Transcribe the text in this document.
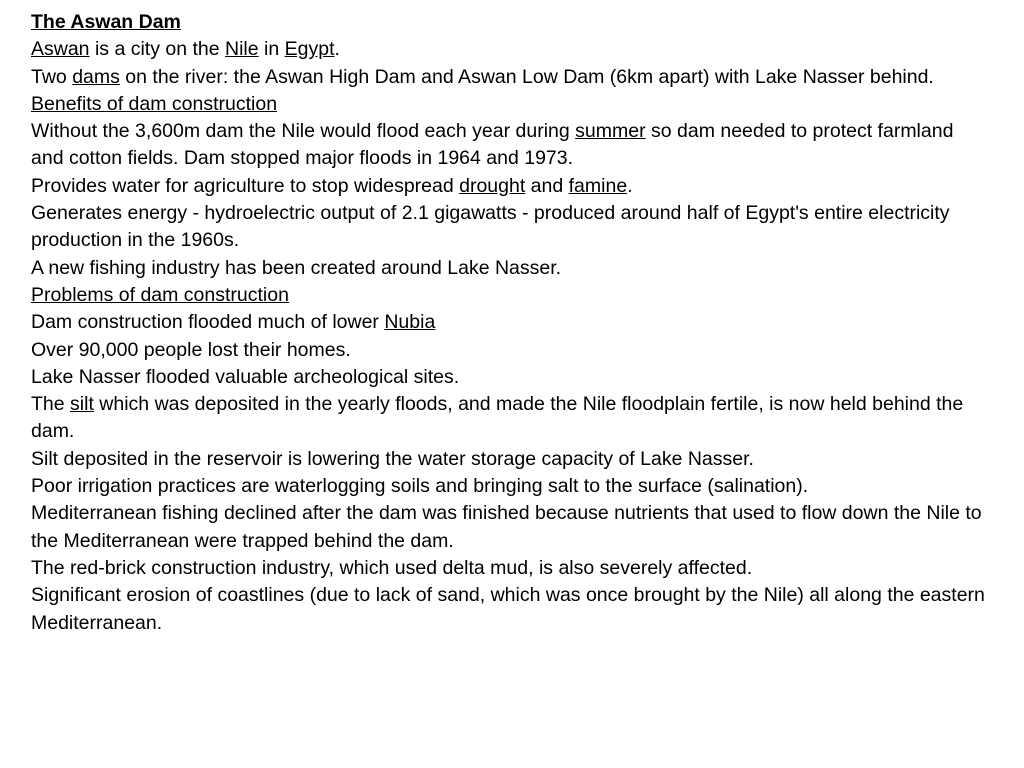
The Aswan Dam

Aswan is a city on the Nile in Egypt.

Two dams on the river: the Aswan High Dam and Aswan Low Dam (6km apart) with Lake Nasser behind.

Benefits of dam construction

Without the 3,600m dam the Nile would flood each year during summer so dam needed to protect farmland and cotton fields. Dam stopped major floods in 1964 and 1973.

Provides water for agriculture to stop widespread drought and famine.

Generates energy - hydroelectric output of 2.1 gigawatts - produced around half of Egypt's entire electricity production in the 1960s.

A new fishing industry has been created around Lake Nasser.

Problems of dam construction

Dam construction flooded much of lower Nubia

Over 90,000 people lost their homes.

Lake Nasser flooded valuable archeological sites.

The silt which was deposited in the yearly floods, and made the Nile floodplain fertile, is now held behind the dam.

Silt deposited in the reservoir is lowering the water storage capacity of Lake Nasser.

Poor irrigation practices are waterlogging soils and bringing salt to the surface (salination).

Mediterranean fishing declined after the dam was finished because nutrients that used to flow down the Nile to the Mediterranean were trapped behind the dam.

The red-brick construction industry, which used delta mud, is also severely affected.

Significant erosion of coastlines (due to lack of sand, which was once brought by the Nile) all along the eastern Mediterranean.
